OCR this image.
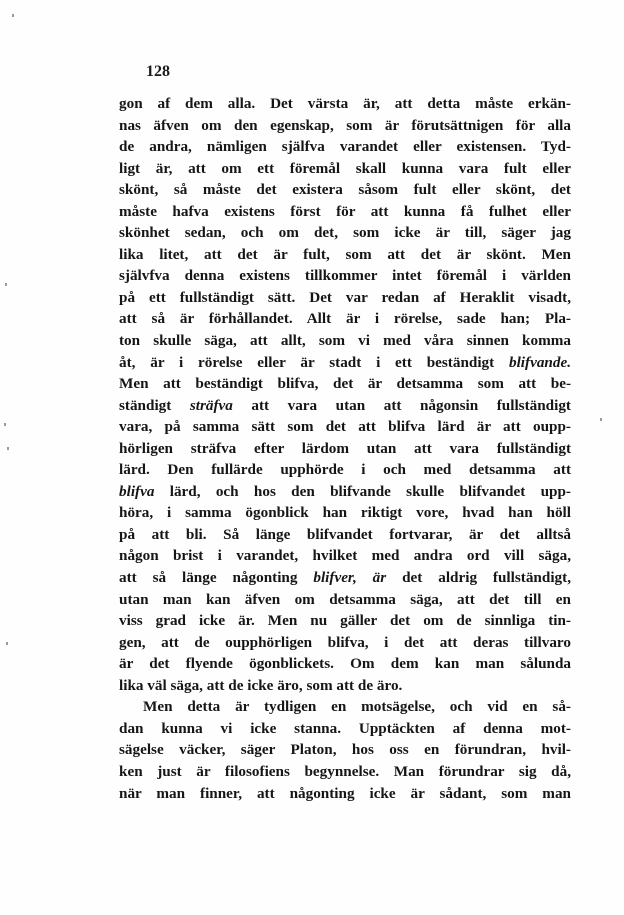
128
gon af dem alla. Det värsta är, att detta måste erkän-
nas äfven om den egenskap, som är förutsättnigen för alla
de andra, nämligen själfva varandet eller existensen. Tyd-
ligt är, att om ett föremål skall kunna vara fult eller
skönt, så måste det existera såsom fult eller skönt, det
måste hafva existens först för att kunna få fulhet eller
skönhet sedan, och om det, som icke är till, säger jag
lika litet, att det är fult, som att det är skönt. Men
självfva denna existens tillkommer intet föremål i världen
på ett fullständigt sätt. Det var redan af Heraklit visadt,
att så är förhållandet. Allt är i rörelse, sade han; Pla-
ton skulle säga, att allt, som vi med våra sinnen komma
åt, är i rörelse eller är stadt i ett beständigt blifvande.
Men att beständigt blifva, det är detsamma som att be-
ständigt sträfva att vara utan att någonsin fullständigt
vara, på samma sätt som det att blifva lärd är att oupp-
hörligen sträfva efter lärdom utan att vara fullständigt
lärd. Den fullärde upphörde i och med detsamma att
blifva lärd, och hos den blifvande skulle blifvandet upp-
höra, i samma ögonblick han riktigt vore, hvad han höll
på att bli. Så länge blifvandet fortvarar, är det alltså
någon brist i varandet, hvilket med andra ord vill säga,
att så länge någonting blifver, är det aldrig fullständigt,
utan man kan äfven om detsamma säga, att det till en
viss grad icke är. Men nu gäller det om de sinnliga tin-
gen, att de oupphörligen blifva, i det att deras tillvaro
är det flyende ögonblickets. Om dem kan man sålunda
lika väl säga, att de icke äro, som att de äro.
Men detta är tydligen en motsägelse, och vid en så-
dan kunna vi icke stanna. Upptäckten af denna mot-
sägelse väcker, säger Platon, hos oss en förundran, hvil-
ken just är filosofiens begynnelse. Man förundrar sig då,
när man finner, att någonting icke är sådant, som man
